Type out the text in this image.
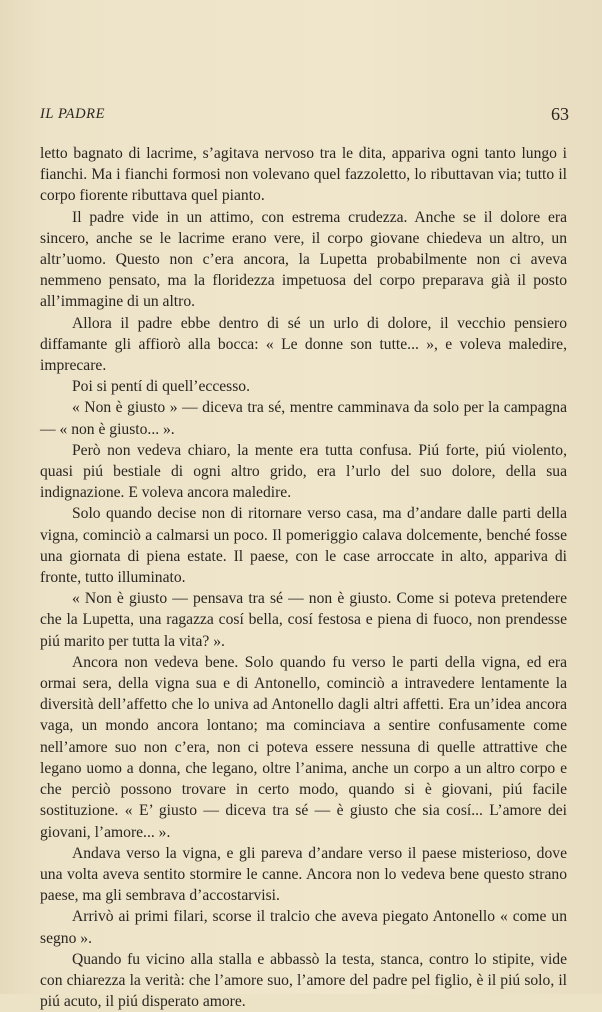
IL PADRE	63

letto bagnato di lacrime, s’agitava nervoso tra le dita, appariva ogni tanto lungo i fianchi. Ma i fianchi formosi non volevano quel fazzoletto, lo ributtavan via; tutto il corpo fiorente ributtava quel pianto.

Il padre vide in un attimo, con estrema crudezza. Anche se il dolore era sincero, anche se le lacrime erano vere, il corpo giovane chiedeva un altro, un altr’uomo. Questo non c’era ancora, la Lupetta probabilmente non ci aveva nemmeno pensato, ma la floridezza impetuosa del corpo preparava già il posto all’immagine di un altro.

Allora il padre ebbe dentro di sé un urlo di dolore, il vecchio pensiero diffamante gli affiorò alla bocca: « Le donne son tutte... », e voleva maledire, imprecare.

Poi si pentí di quell’eccesso.

« Non è giusto » — diceva tra sé, mentre camminava da solo per la campagna — « non è giusto... ».

Però non vedeva chiaro, la mente era tutta confusa. Piú forte, piú violento, quasi piú bestiale di ogni altro grido, era l’urlo del suo dolore, della sua indignazione. E voleva ancora maledire.

Solo quando decise non di ritornare verso casa, ma d’andare dalle parti della vigna, cominciò a calmarsi un poco. Il pomeriggio calava dolcemente, benché fosse una giornata di piena estate. Il paese, con le case arroccate in alto, appariva di fronte, tutto illuminato.

« Non è giusto — pensava tra sé — non è giusto. Come si poteva pretendere che la Lupetta, una ragazza cosí bella, cosí festosa e piena di fuoco, non prendesse piú marito per tutta la vita? ».

Ancora non vedeva bene. Solo quando fu verso le parti della vigna, ed era ormai sera, della vigna sua e di Antonello, cominciò a intravedere lentamente la diversità dell’affetto che lo univa ad Antonello dagli altri affetti. Era un’idea ancora vaga, un mondo ancora lontano; ma cominciava a sentire confusamente come nell’amore suo non c’era, non ci poteva essere nessuna di quelle attrattive che legano uomo a donna, che legano, oltre l’anima, anche un corpo a un altro corpo e che perciò possono trovare in certo modo, quando si è giovani, piú facile sostituzione. « E’ giusto — diceva tra sé — è giusto che sia cosí... L’amore dei giovani, l’amore... ».

Andava verso la vigna, e gli pareva d’andare verso il paese misterioso, dove una volta aveva sentito stormire le canne. Ancora non lo vedeva bene questo strano paese, ma gli sembrava d’accostarvisi.

Arrivò ai primi filari, scorse il tralcio che aveva piegato Antonello « come un segno ».

Quando fu vicino alla stalla e abbassò la testa, stanca, contro lo stipite, vide con chiarezza la verità: che l’amore suo, l’amore del padre pel figlio, è il piú solo, il piú acuto, il piú disperato amore.
